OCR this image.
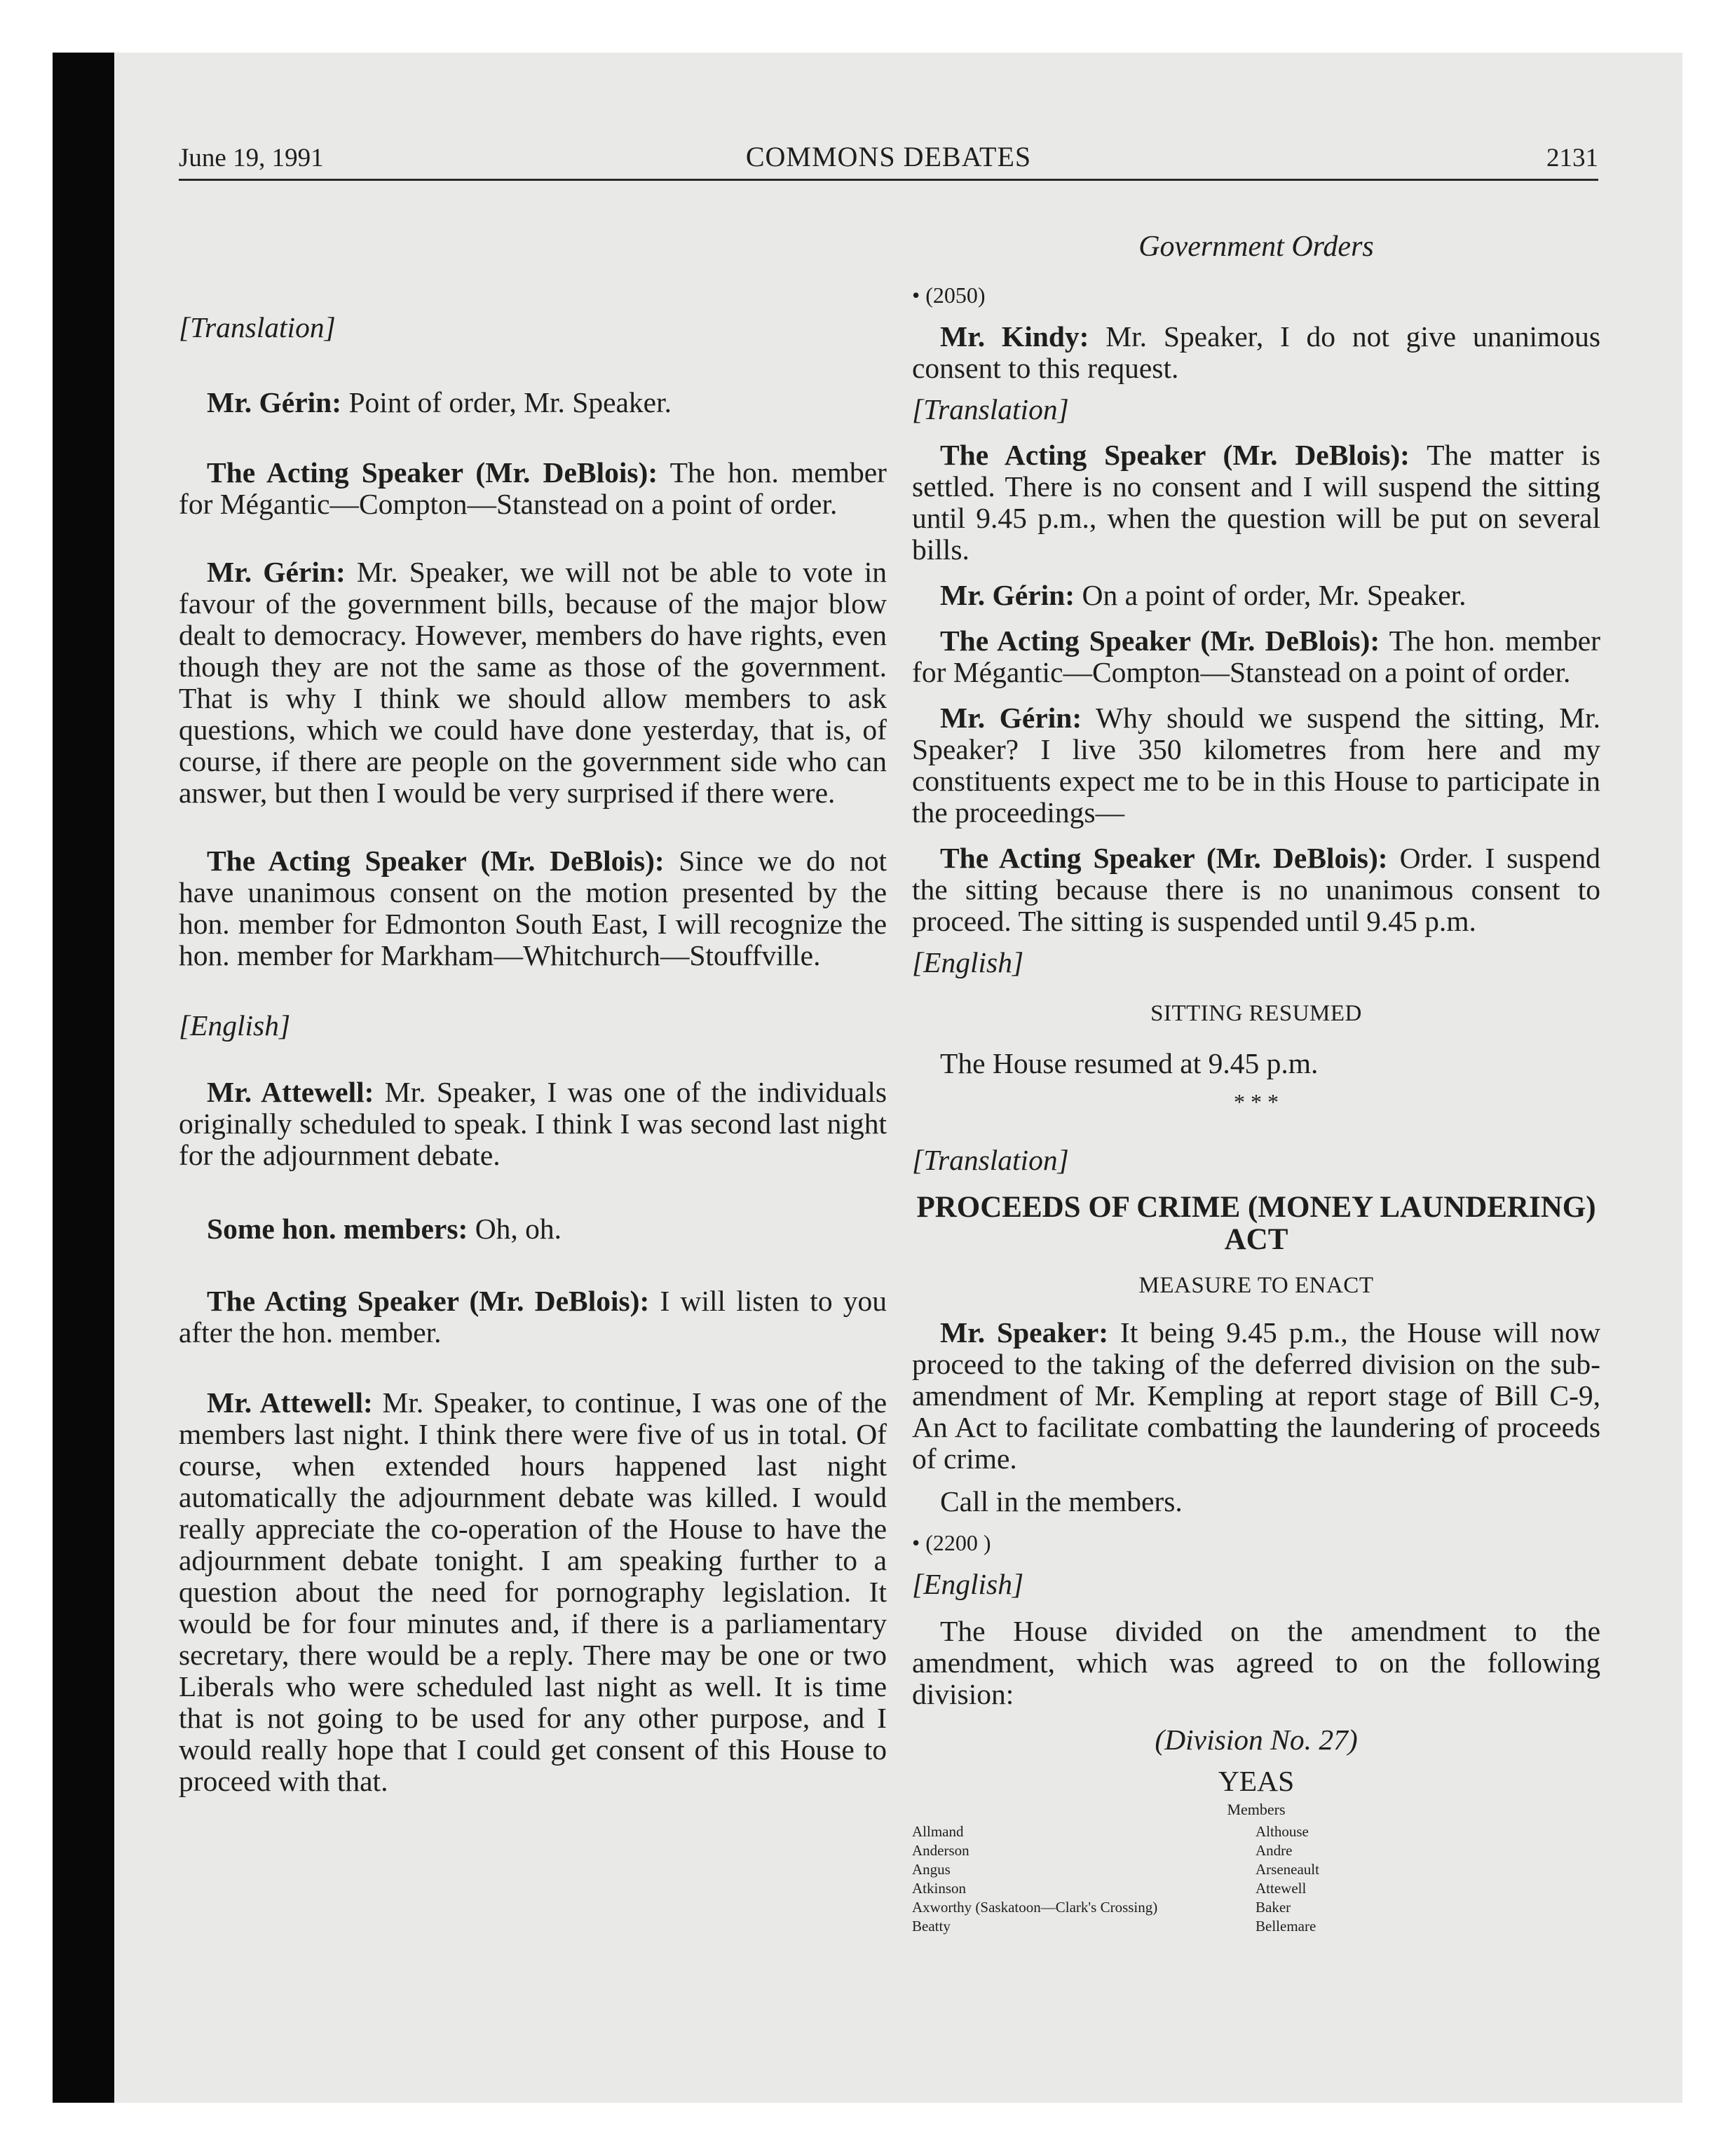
June 19, 1991	COMMONS DEBATES	2131

[Translation]

Mr. Gérin: Point of order, Mr. Speaker.

The Acting Speaker (Mr. DeBlois): The hon. member for Mégantic—Compton—Stanstead on a point of order.

Mr. Gérin: Mr. Speaker, we will not be able to vote in favour of the government bills, because of the major blow dealt to democracy. However, members do have rights, even though they are not the same as those of the government. That is why I think we should allow members to ask questions, which we could have done yesterday, that is, of course, if there are people on the government side who can answer, but then I would be very surprised if there were.

The Acting Speaker (Mr. DeBlois): Since we do not have unanimous consent on the motion presented by the hon. member for Edmonton South East, I will recognize the hon. member for Markham—Whitchurch—Stouffville.

[English]

Mr. Attewell: Mr. Speaker, I was one of the individuals originally scheduled to speak. I think I was second last night for the adjournment debate.

Some hon. members: Oh, oh.

The Acting Speaker (Mr. DeBlois): I will listen to you after the hon. member.

Mr. Attewell: Mr. Speaker, to continue, I was one of the members last night. I think there were five of us in total. Of course, when extended hours happened last night automatically the adjournment debate was killed. I would really appreciate the co-operation of the House to have the adjournment debate tonight. I am speaking further to a question about the need for pornography legislation. It would be for four minutes and, if there is a parliamentary secretary, there would be a reply. There may be one or two Liberals who were scheduled last night as well. It is time that is not going to be used for any other purpose, and I would really hope that I could get consent of this House to proceed with that.

Government Orders

• (2050)

Mr. Kindy: Mr. Speaker, I do not give unanimous consent to this request.

[Translation]

The Acting Speaker (Mr. DeBlois): The matter is settled. There is no consent and I will suspend the sitting until 9.45 p.m., when the question will be put on several bills.

Mr. Gérin: On a point of order, Mr. Speaker.

The Acting Speaker (Mr. DeBlois): The hon. member for Mégantic—Compton—Stanstead on a point of order.

Mr. Gérin: Why should we suspend the sitting, Mr. Speaker? I live 350 kilometres from here and my constituents expect me to be in this House to participate in the proceedings—

The Acting Speaker (Mr. DeBlois): Order. I suspend the sitting because there is no unanimous consent to proceed. The sitting is suspended until 9.45 p.m.

[English]

SITTING RESUMED

The House resumed at 9.45 p.m.

* * *

[Translation]

PROCEEDS OF CRIME (MONEY LAUNDERING) ACT

MEASURE TO ENACT

Mr. Speaker: It being 9.45 p.m., the House will now proceed to the taking of the deferred division on the sub-amendment of Mr. Kempling at report stage of Bill C-9, An Act to facilitate combatting the laundering of proceeds of crime.

Call in the members.

• (2200 )

[English]

The House divided on the amendment to the amendment, which was agreed to on the following division:

(Division No. 27)

YEAS

Members

Allmand
Anderson
Angus
Atkinson
Axworthy (Saskatoon—Clark's Crossing)
Beatty
Althouse
Andre
Arseneault
Attewell
Baker
Bellemare
